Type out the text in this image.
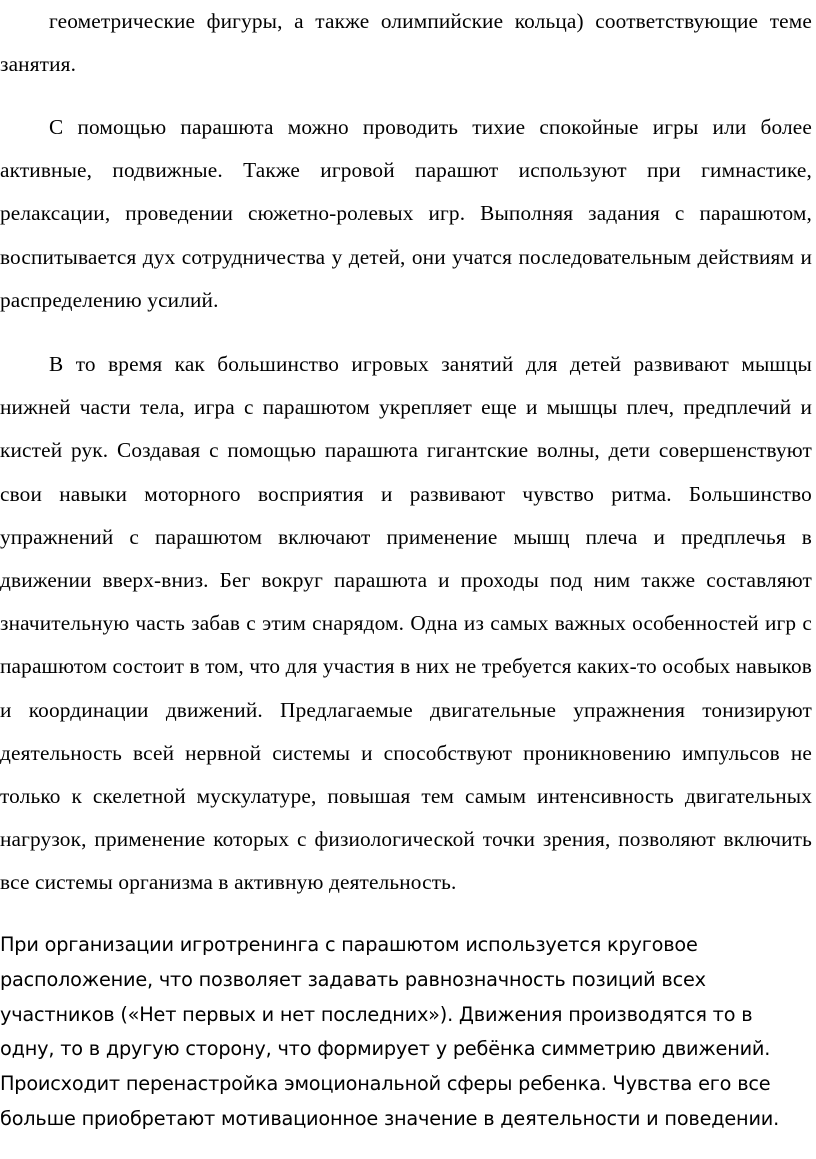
геометрические фигуры, а также олимпийские кольца) соответствующие теме занятия.

С помощью парашюта можно проводить тихие спокойные игры или более активные, подвижные. Также игровой парашют используют при гимнастике, релаксации, проведении сюжетно-ролевых игр. Выполняя задания с парашютом, воспитывается дух сотрудничества у детей, они учатся последовательным действиям и распределению усилий.

В то время как большинство игровых занятий для детей развивают мышцы нижней части тела, игра с парашютом укрепляет еще и мышцы плеч, предплечий и кистей рук. Создавая с помощью парашюта гигантские волны, дети совершенствуют свои навыки моторного восприятия и развивают чувство ритма. Большинство упражнений с парашютом включают применение мышц плеча и предплечья в движении вверх-вниз. Бег вокруг парашюта и проходы под ним также составляют значительную часть забав с этим снарядом. Одна из самых важных особенностей игр с парашютом состоит в том, что для участия в них не требуется каких-то особых навыков и координации движений. Предлагаемые двигательные упражнения тонизируют деятельность всей нервной системы и способствуют проникновению импульсов не только к скелетной мускулатуре, повышая тем самым интенсивность двигательных нагрузок, применение которых с физиологической точки зрения, позволяют включить все системы организма в активную деятельность.

При организации игротренинга с парашютом используется круговое расположение, что позволяет задавать равнозначность позиций всех участников («Нет первых и нет последних»). Движения производятся то в одну, то в другую сторону, что формирует у ребёнка симметрию движений. Происходит перенастройка эмоциональной сферы ребенка. Чувства его все больше приобретают мотивационное значение в деятельности и поведении.
